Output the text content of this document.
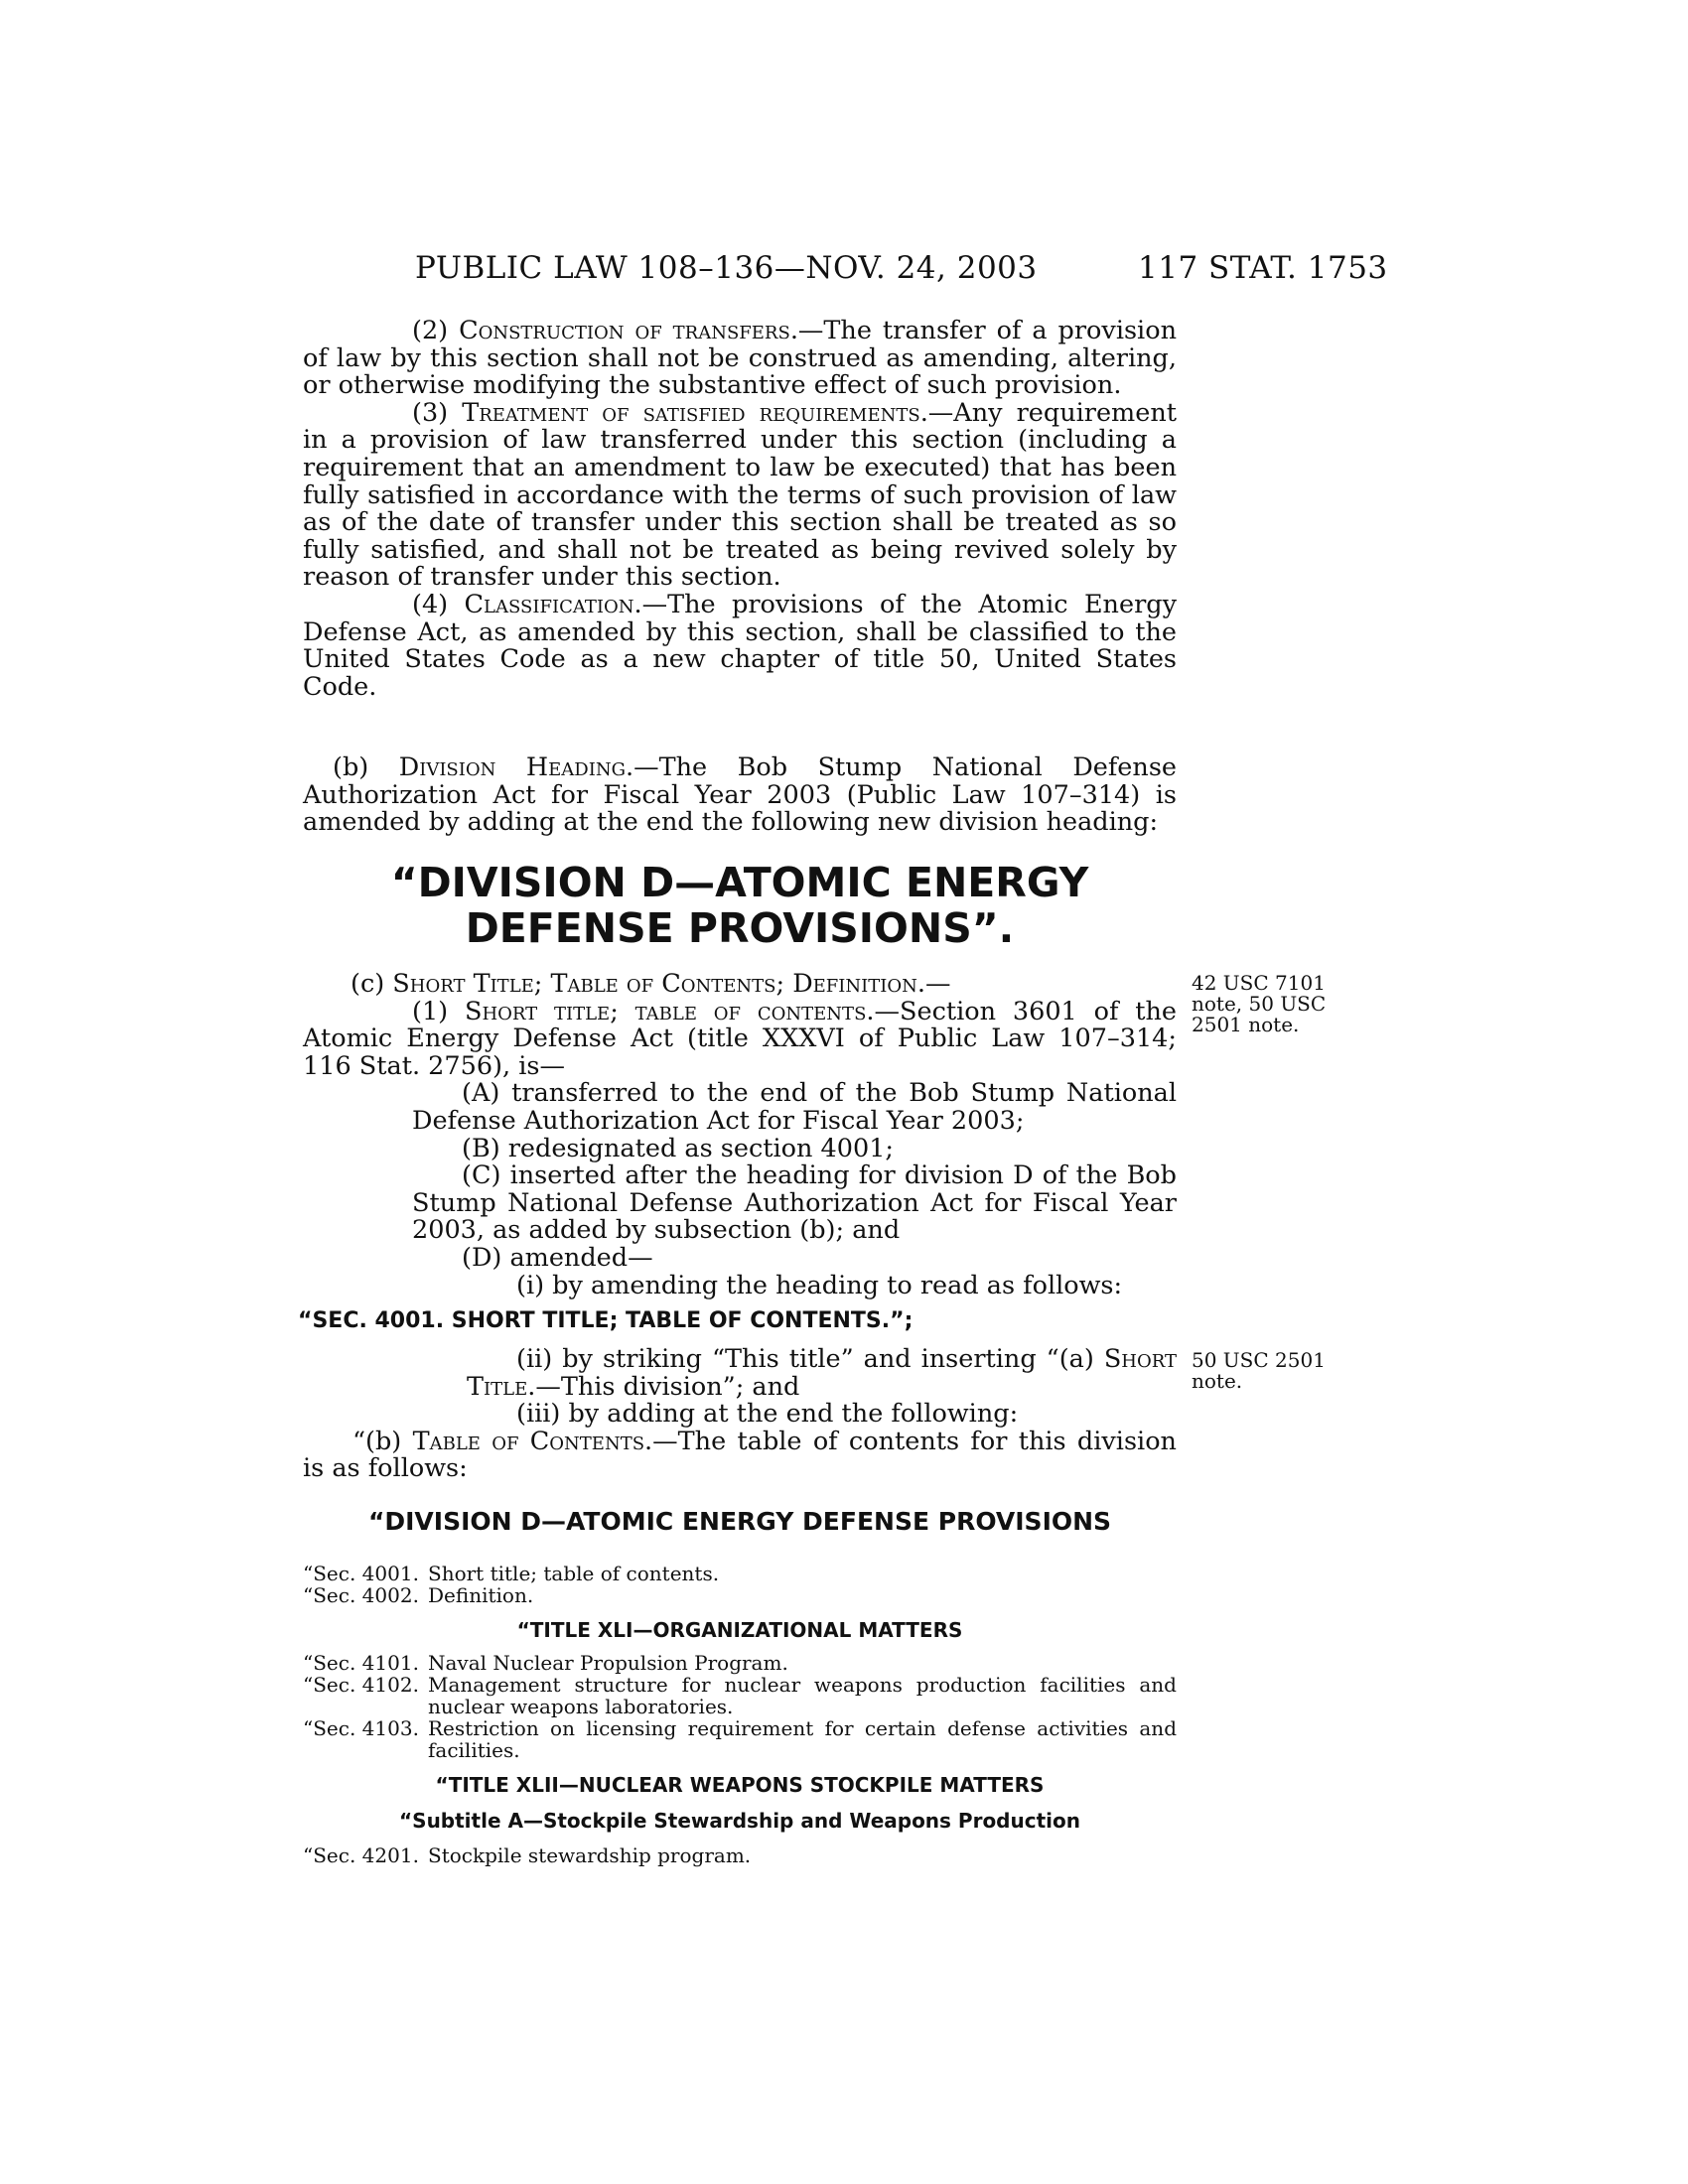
PUBLIC LAW 108–136—NOV. 24, 2003	117 STAT. 1753

(2) Construction of transfers.—The transfer of a provision of law by this section shall not be construed as amending, altering, or otherwise modifying the substantive effect of such provision.

(3) Treatment of satisfied requirements.—Any requirement in a provision of law transferred under this section (including a requirement that an amendment to law be executed) that has been fully satisfied in accordance with the terms of such provision of law as of the date of transfer under this section shall be treated as so fully satisfied, and shall not be treated as being revived solely by reason of transfer under this section.

(4) Classification.—The provisions of the Atomic Energy Defense Act, as amended by this section, shall be classified to the United States Code as a new chapter of title 50, United States Code.

(b) Division Heading.—The Bob Stump National Defense Authorization Act for Fiscal Year 2003 (Public Law 107–314) is amended by adding at the end the following new division heading:

“DIVISION D—ATOMIC ENERGY
DEFENSE PROVISIONS”.

(c) Short Title; Table of Contents; Definition.—

(1) Short title; table of contents.—Section 3601 of the Atomic Energy Defense Act (title XXXVI of Public Law 107–314; 116 Stat. 2756), is—

(A) transferred to the end of the Bob Stump National Defense Authorization Act for Fiscal Year 2003;

(B) redesignated as section 4001;

(C) inserted after the heading for division D of the Bob Stump National Defense Authorization Act for Fiscal Year 2003, as added by subsection (b); and

(D) amended—

(i) by amending the heading to read as follows:

“SEC. 4001. SHORT TITLE; TABLE OF CONTENTS.”;

(ii) by striking “This title” and inserting “(a) Short Title.—This division”; and

(iii) by adding at the end the following:

“(b) Table of Contents.—The table of contents for this division is as follows:

42 USC 7101 note, 50 USC 2501 note.
50 USC 2501 note.
“DIVISION D—ATOMIC ENERGY DEFENSE PROVISIONS
“Sec. 4001. Short title; table of contents.
“Sec. 4002. Definition.
“TITLE XLI—ORGANIZATIONAL MATTERS
“Sec. 4101. Naval Nuclear Propulsion Program.
“Sec. 4102. Management structure for nuclear weapons production facilities and nuclear weapons laboratories.
“Sec. 4103. Restriction on licensing requirement for certain defense activities and facilities.
“TITLE XLII—NUCLEAR WEAPONS STOCKPILE MATTERS
“Subtitle A—Stockpile Stewardship and Weapons Production
“Sec. 4201. Stockpile stewardship program.
